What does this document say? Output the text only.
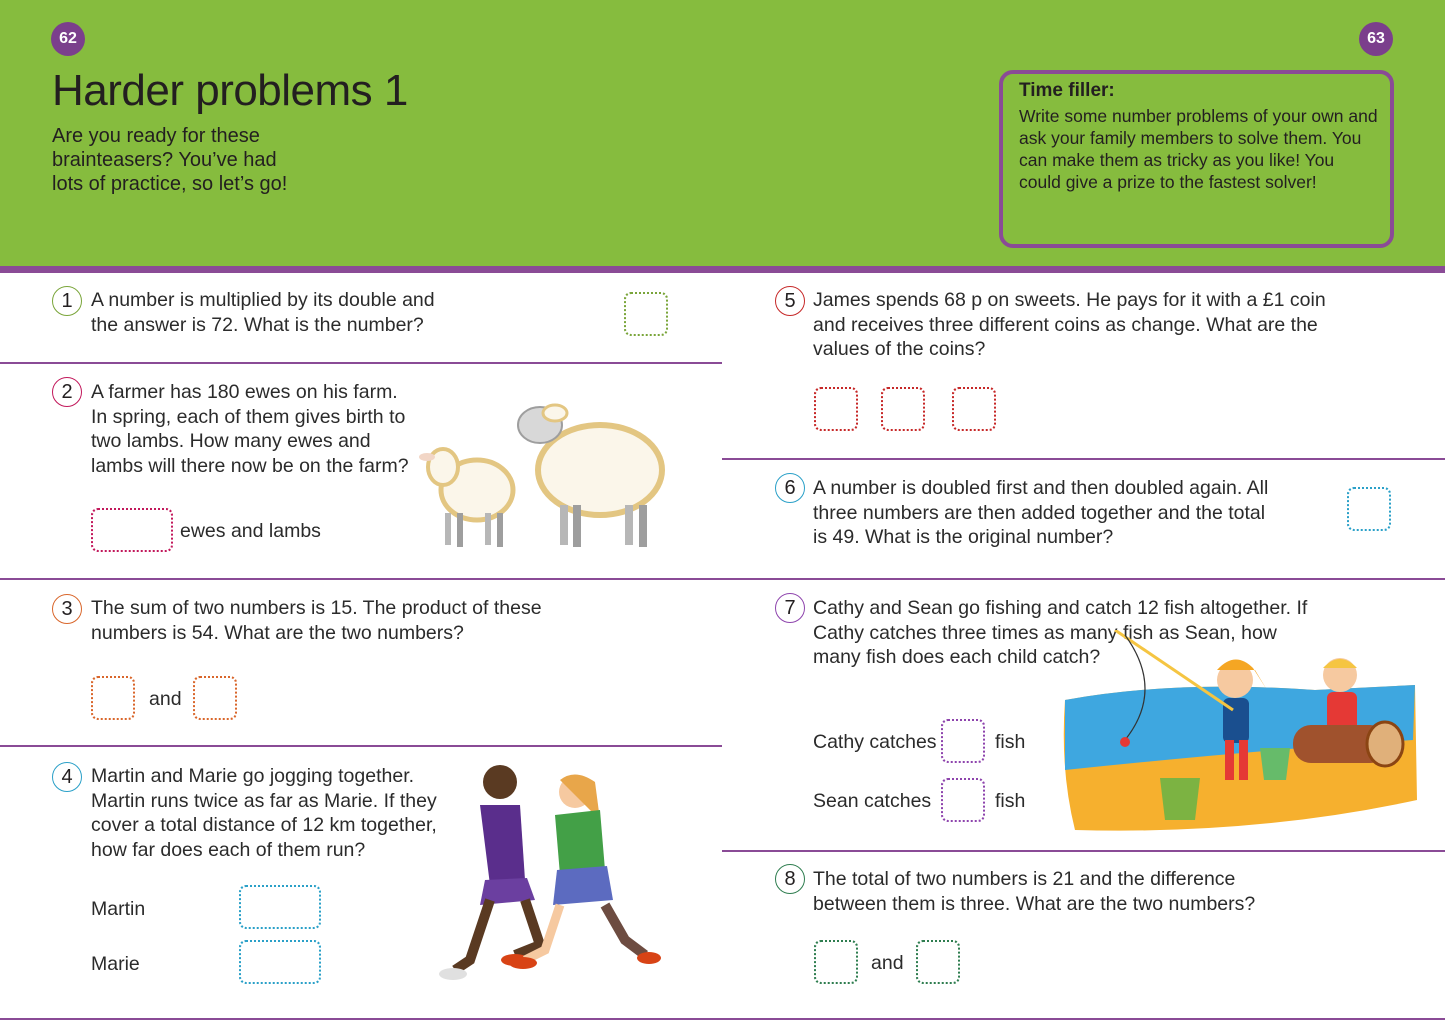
62	63
Harder problems 1
Are you ready for these brainteasers? You’ve had lots of practice, so let’s go!
Time filler:
Write some number problems of your own and ask your family members to solve them. You can make them as tricky as you like! You could give a prize to the fastest solver!
1 A number is multiplied by its double and the answer is 72. What is the number?
2 A farmer has 180 ewes on his farm. In spring, each of them gives birth to two lambs. How many ewes and lambs will there now be on the farm?
ewes and lambs
3 The sum of two numbers is 15. The product of these numbers is 54. What are the two numbers?
and
4 Martin and Marie go jogging together. Martin runs twice as far as Marie. If they cover a total distance of 12 km together, how far does each of them run?
Martin
Marie
5 James spends 68 p on sweets. He pays for it with a £1 coin and receives three different coins as change. What are the values of the coins?
6 A number is doubled first and then doubled again. All three numbers are then added together and the total is 49. What is the original number?
7 Cathy and Sean go fishing and catch 12 fish altogether. If Cathy catches three times as many fish as Sean, how many fish does each child catch?
Cathy catches	fish
Sean catches	fish
8 The total of two numbers is 21 and the difference between them is three. What are the two numbers?
and
